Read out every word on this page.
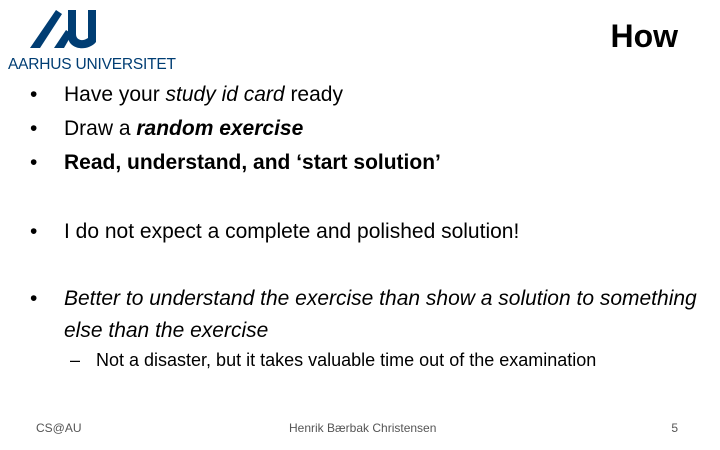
AARHUS UNIVERSITET
How
•	Have your study id card ready
•	Draw a random exercise
•	Read, understand, and ‘start solution’
•	I do not expect a complete and polished solution!
•	Better to understand the exercise than show a solution to something else than the exercise
– Not a disaster, but it takes valuable time out of the examination
CS@AU	Henrik Bærbak Christensen	5
